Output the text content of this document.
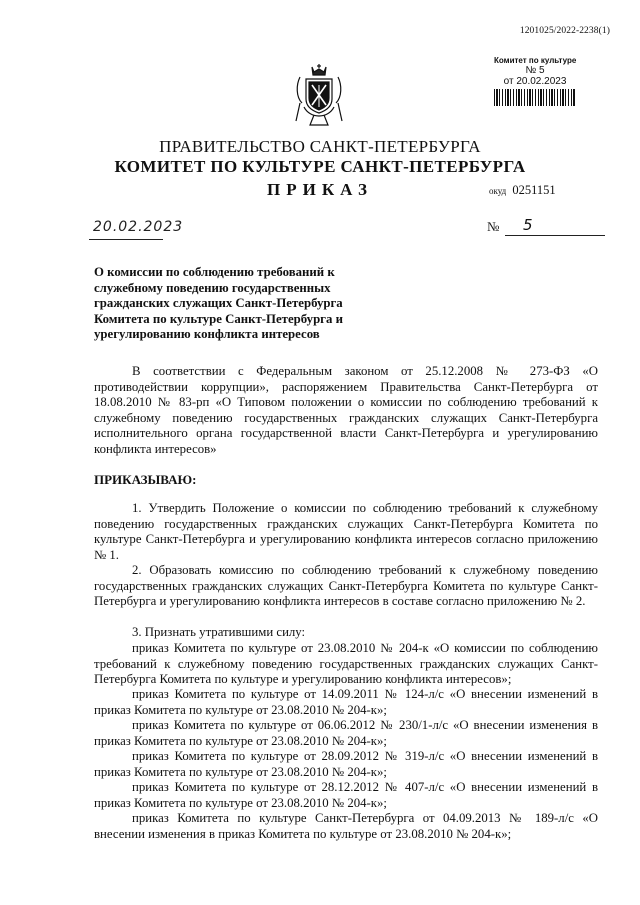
1201025/2022-2238(1)
Комитет по культуре
№ 5
от 20.02.2023
ПРАВИТЕЛЬСТВО САНКТ-ПЕТЕРБУРГА
КОМИТЕТ ПО КУЛЬТУРЕ САНКТ-ПЕТЕРБУРГА
ПРИКАЗ	окуд 0251151
20.02.2023	№ 5
О комиссии по соблюдению требований к служебному поведению государственных гражданских служащих Санкт-Петербурга Комитета по культуре Санкт-Петербурга и урегулированию конфликта интересов
В соответствии с Федеральным законом от 25.12.2008 № 273-ФЗ «О противодействии коррупции», распоряжением Правительства Санкт-Петербурга от 18.08.2010 № 83-рп «О Типовом положении о комиссии по соблюдению требований к служебному поведению государственных гражданских служащих Санкт-Петербурга исполнительного органа государственной власти Санкт-Петербурга и урегулированию конфликта интересов»
ПРИКАЗЫВАЮ:
1. Утвердить Положение о комиссии по соблюдению требований к служебному поведению государственных гражданских служащих Санкт-Петербурга Комитета по культуре Санкт-Петербурга и урегулированию конфликта интересов согласно приложению № 1.
2. Образовать комиссию по соблюдению требований к служебному поведению государственных гражданских служащих Санкт-Петербурга Комитета по культуре Санкт-Петербурга и урегулированию конфликта интересов в составе согласно приложению № 2.
3. Признать утратившими силу:
приказ Комитета по культуре от 23.08.2010 № 204-к «О комиссии по соблюдению требований к служебному поведению государственных гражданских служащих Санкт-Петербурга Комитета по культуре и урегулированию конфликта интересов»;
приказ Комитета по культуре от 14.09.2011 № 124-л/с «О внесении изменений в приказ Комитета по культуре от 23.08.2010 № 204-к»;
приказ Комитета по культуре от 06.06.2012 № 230/1-л/с «О внесении изменения в приказ Комитета по культуре от 23.08.2010 № 204-к»;
приказ Комитета по культуре от 28.09.2012 № 319-л/с «О внесении изменений в приказ Комитета по культуре от 23.08.2010 № 204-к»;
приказ Комитета по культуре от 28.12.2012 № 407-л/с «О внесении изменений в приказ Комитета по культуре от 23.08.2010 № 204-к»;
приказ Комитета по культуре Санкт-Петербурга от 04.09.2013 № 189-л/с «О внесении изменения в приказ Комитета по культуре от 23.08.2010 № 204-к»;
